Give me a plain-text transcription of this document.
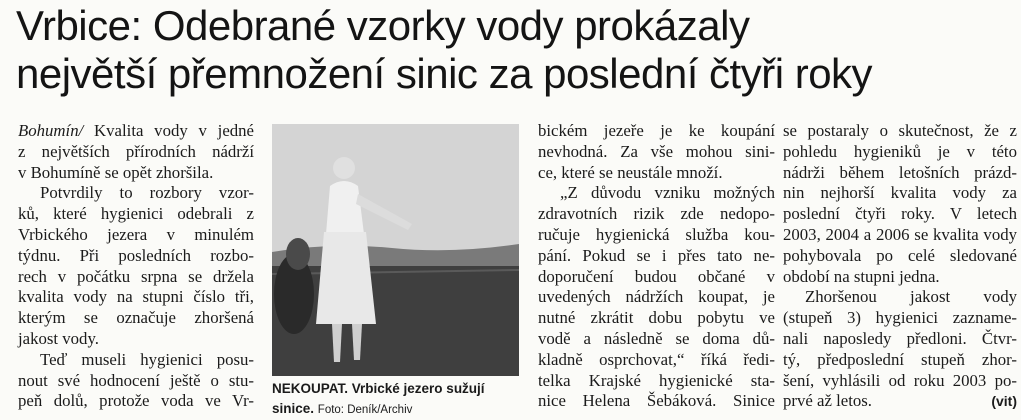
Vrbice: Odebrané vzorky vody prokázaly
největší přemnožení sinic za poslední čtyři roky
Bohumín/ Kvalita vody v jedné
z největších přírodních nádrží
v Bohumíně se opět zhoršila.
Potvrdily to rozbory vzor-
ků, které hygienici odebrali z
Vrbického jezera v minulém
týdnu. Při posledních rozbo-
rech v počátku srpna se držela
kvalita vody na stupni číslo tři,
kterým se označuje zhoršená
jakost vody.
Teď museli hygienici posu-
nout své hodnocení ještě o stu-
peň dolů, protože voda ve Vr-
NEKOUPAT. Vrbické jezero sužují sinice. Foto: Deník/Archiv
bickém jezeře je ke koupání
nevhodná. Za vše mohou sini-
ce, které se neustále množí.
„Z důvodu vzniku možných
zdravotních rizik zde nedopo-
ručuje hygienická služba kou-
pání. Pokud se i přes tato ne-
doporučení budou občané v
uvedených nádržích koupat, je
nutné zkrátit dobu pobytu ve
vodě a následně se doma dů-
kladně osprchovat,“ říká ředi-
telka Krajské hygienické sta-
nice Helena Šebáková. Sinice
se postaraly o skutečnost, že z
pohledu hygieniků je v této
nádrži během letošních prázd-
nin nejhorší kvalita vody za
poslední čtyři roky. V letech
2003, 2004 a 2006 se kvalita vody
pohybovala po celé sledované
období na stupni jedna.
Zhoršenou jakost vody
(stupeň 3) hygienici zazname-
nali naposledy předloni. Čtvr-
tý, předposlední stupeň zhor-
šení, vyhlásili od roku 2003 po-
prvé až letos.	(vit)
